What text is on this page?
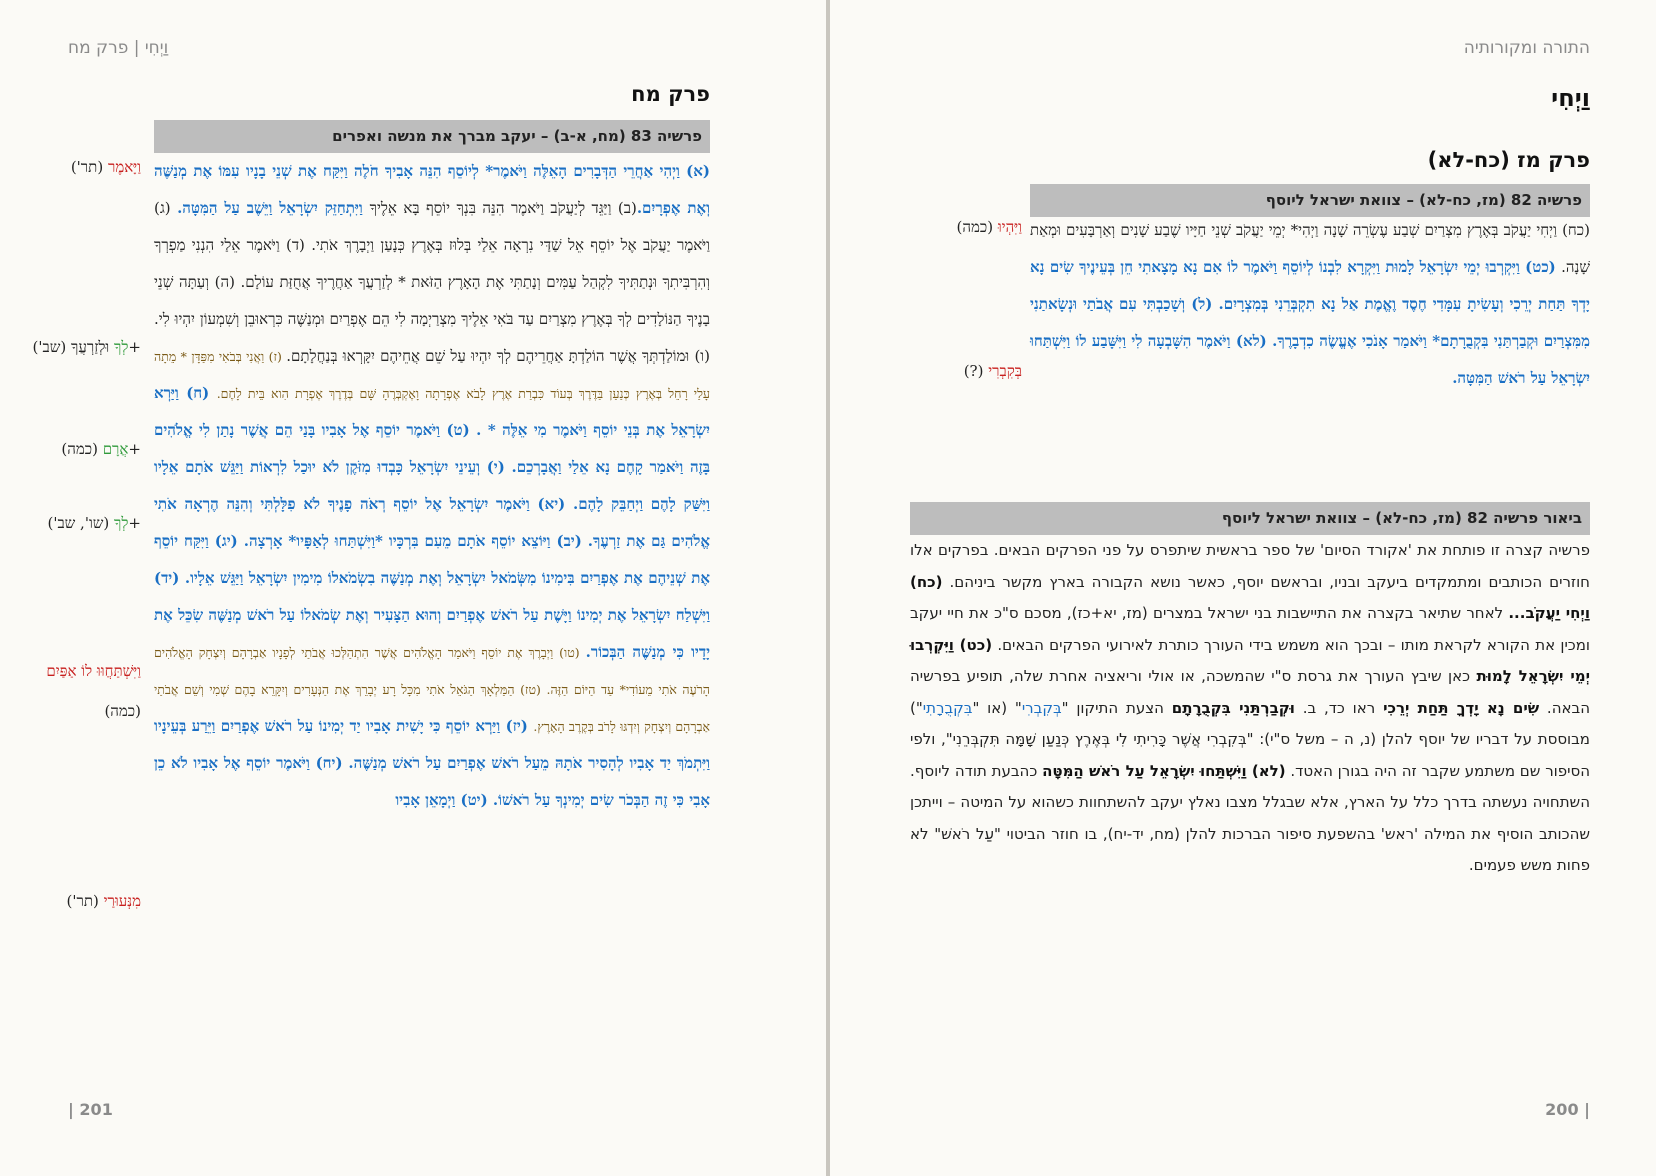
וַיְחִי | פרק מח
פרק מח
פרשיה 83 (מח, א-ב) – יעקב מברך את מנשה ואפרים
(א) וַיְהִי אַחֲרֵי הַדְּבָרִים הָאֵלֶּה וַיֹּאמֶר* לְיוֹסֵף הִנֵּה אָבִיךָ חֹלֶה וַיִּקַּח אֶת שְׁנֵי בָנָיו עִמּוֹ אֶת מְנַשֶּׁה וְאֶת אֶפְרָיִם.(ב) וַיַּגֵּד לְיַעֲקֹב וַיֹּאמֶר הִנֵּה בִּנְךָ יוֹסֵף בָּא אֵלֶיךָ וַיִּתְחַזֵּק יִשְׂרָאֵל וַיֵּשֶׁב עַל הַמִּטָּה. (ג) וַיֹּאמֶר יַעֲקֹב אֶל יוֹסֵף אֵל שַׁדַּי נִרְאָה אֵלַי בְּלוּז בְּאֶרֶץ כְּנָעַן וַיְבָרֶךְ אֹתִי. (ד) וַיֹּאמֶר אֵלַי הִנְנִי מַפְרְךָ וְהִרְבִּיתִךָ וּנְתַתִּיךָ לִקְהַל עַמִּים וְנָתַתִּי אֶת הָאָרֶץ הַזֹּאת * לְזַרְעֲךָ אַחֲרֶיךָ אֲחֻזַּת עוֹלָם. (ה) וְעַתָּה שְׁנֵי בָנֶיךָ הַנּוֹלָדִים לְךָ בְּאֶרֶץ מִצְרַיִם עַד בֹּאִי אֵלֶיךָ מִצְרַיְמָה לִי הֵם אֶפְרַיִם וּמְנַשֶּׁה כִּרְאוּבֵן וְשִׁמְעוֹן יִהְיוּ לִי. (ו) וּמוֹלַדְתְּךָ אֲשֶׁר הוֹלַדְתָּ אַחֲרֵיהֶם לְךָ יִהְיוּ עַל שֵׁם אֲחֵיהֶם יִקָּרְאוּ בְּנַחֲלָתָם. (ז) וַאֲנִי בְּבֹאִי מִפַּדָּן * מֵתָה עָלַי רָחֵל בְּאֶרֶץ כְּנַעַן בַּדֶּרֶךְ בְּעוֹד כִּבְרַת אֶרֶץ לָבֹא אֶפְרָתָה וָאֶקְבְּרֶהָ שָּׁם בְּדֶרֶךְ אֶפְרָת הִוא בֵּית לָחֶם. (ח) וַיַּרְא יִשְׂרָאֵל אֶת בְּנֵי יוֹסֵף וַיֹּאמֶר מִי אֵלֶּה * . (ט) וַיֹּאמֶר יוֹסֵף אֶל אָבִיו בָּנַי הֵם אֲשֶׁר נָתַן לִי אֱלֹהִים בָּזֶה וַיֹּאמַר קָחֶם נָא אֵלַי וַאֲבָרְכֵם. (י) וְעֵינֵי יִשְׂרָאֵל כָּבְדוּ מִזֹּקֶן לֹא יוּכַל לִרְאוֹת וַיַּגֵּשׁ אֹתָם אֵלָיו וַיִּשַּׁק לָהֶם וַיְחַבֵּק לָהֶם. (יא) וַיֹּאמֶר יִשְׂרָאֵל אֶל יוֹסֵף רְאֹה פָנֶיךָ לֹא פִלָּלְתִּי וְהִנֵּה הֶרְאָה אֹתִי אֱלֹהִים גַּם אֶת זַרְעֶךָ. (יב) וַיּוֹצֵא יוֹסֵף אֹתָם מֵעִם בִּרְכָּיו *וַיִּשְׁתַּחוּ לְאַפָּיו* אָרְצָה. (יג) וַיִּקַּח יוֹסֵף אֶת שְׁנֵיהֶם אֶת אֶפְרַיִם בִּימִינוֹ מִשְּׂמֹאל יִשְׂרָאֵל וְאֶת מְנַשֶּׁה בִשְׂמֹאלוֹ מִימִין יִשְׂרָאֵל וַיַּגֵּשׁ אֵלָיו. (יד) וַיִּשְׁלַח יִשְׂרָאֵל אֶת יְמִינוֹ וַיָּשֶׁת עַל רֹאשׁ אֶפְרַיִם וְהוּא הַצָּעִיר וְאֶת שְׂמֹאלוֹ עַל רֹאשׁ מְנַשֶּׁה שִׂכֵּל אֶת יָדָיו כִּי מְנַשֶּׁה הַבְּכוֹר. (טו) וַיְבָרֶךְ אֶת יוֹסֵף וַיֹּאמַר הָאֱלֹהִים אֲשֶׁר הִתְהַלְּכוּ אֲבֹתַי לְפָנָיו אַבְרָהָם וְיִצְחָק הָאֱלֹהִים הָרֹעֶה אֹתִי מֵעוֹדִי* עַד הַיּוֹם הַזֶּה. (טז) הַמַּלְאָךְ הַגֹּאֵל אֹתִי מִכָּל רָע יְבָרֵךְ אֶת הַנְּעָרִים וְיִקָּרֵא בָהֶם שְׁמִי וְשֵׁם אֲבֹתַי אַבְרָהָם וְיִצְחָק וְיִדְגּוּ לָרֹב בְּקֶרֶב הָאָרֶץ. (יז) וַיַּרְא יוֹסֵף כִּי יָשִׁית אָבִיו יַד יְמִינוֹ עַל רֹאשׁ אֶפְרַיִם וַיֵּרַע בְּעֵינָיו וַיִּתְמֹךְ יַד אָבִיו לְהָסִיר אֹתָהּ מֵעַל רֹאשׁ אֶפְרַיִם עַל רֹאשׁ מְנַשֶּׁה. (יח) וַיֹּאמֶר יוֹסֵף אֶל אָבִיו לֹא כֵן אָבִי כִּי זֶה הַבְּכֹר שִׂים יְמִינְךָ עַל רֹאשׁוֹ. (יט) וַיְמָאֵן אָבִיו
וַיָּאמֶר (תר')
+לְךָ וּלְזַרְעֲךָ (שב')
+אֲרָם (כמה)
+לְךָ (שו', שב')
וַיִּשְׁתַּחֲוּוּ לוֹ אַפַּיִם
(כמה)
מִנְּעוּרַי (תר')
201 |
התורה ומקורותיה
וַיְחִי
פרק מז (כח-לא)
פרשיה 82 (מז, כח-לא) – צוואת ישראל ליוסף
(כח) וַיְחִי יַעֲקֹב בְּאֶרֶץ מִצְרַיִם שְׁבַע עֶשְׂרֵה שָׁנָה וַיְהִי* יְמֵי יַעֲקֹב שְׁנֵי חַיָּיו שֶׁבַע שָׁנִים וְאַרְבָּעִים וּמְאַת שָׁנָה. (כט) וַיִּקְרְבוּ יְמֵי יִשְׂרָאֵל לָמוּת וַיִּקְרָא לִבְנוֹ לְיוֹסֵף וַיֹּאמֶר לוֹ אִם נָא מָצָאתִי חֵן בְּעֵינֶיךָ שִׂים נָא יָדְךָ תַּחַת יְרֵכִי וְעָשִׂיתָ עִמָּדִי חֶסֶד וֶאֱמֶת אַל נָא תִקְבְּרֵנִי בְּמִצְרָיִם. (ל) וְשָׁכַבְתִּי עִם אֲבֹתַי וּנְשָׂאתַנִי מִמִּצְרַיִם וּקְבַרְתַּנִי בִּקְבֻרָתָם* וַיֹּאמַר אָנֹכִי אֶעֱשֶׂה כִדְבָרֶךָ. (לא) וַיֹּאמֶר הִשָּׁבְעָה לִי וַיִּשָּׁבַע לוֹ וַיִּשְׁתַּחוּ יִשְׂרָאֵל עַל רֹאשׁ הַמִּטָּה.
וַיִּהְיוּ (כמה)
בְּקִבְרִי (?)
ביאור פרשיה 82 (מז, כח-לא) – צוואת ישראל ליוסף
פרשיה קצרה זו פותחת את 'אקורד הסיום' של ספר בראשית שיתפרס על פני הפרקים הבאים. בפרקים אלו חוזרים הכותבים ומתמקדים ביעקב ובניו, ובראשם יוסף, כאשר נושא הקבורה בארץ מקשר ביניהם. (כח) וַיְחִי יַעֲקֹב... לאחר שתיאר בקצרה את התיישבות בני ישראל במצרים (מז, יא+כז), מסכם ס"כ את חיי יעקב ומכין את הקורא לקראת מותו – ובכך הוא משמש בידי העורך כותרת לאירועי הפרקים הבאים. (כט) וַיִּקְרְבוּ יְמֵי יִשְׂרָאֵל לָמוּת כאן שיבץ העורך את גרסת ס"י שהמשכה, או אולי וריאציה אחרת שלה, תופיע בפרשיה הבאה. שִׂים נָא יָדְךָ תַּחַת יְרֵכִי ראו כד, ב. וּקְבַרְתַּנִי בִּקְבֻרָתָם הצעת התיקון "בְּקִבְרִי" (או "בִּקְבֻרָתִי") מבוססת על דבריו של יוסף להלן (נ, ה – משל ס"י): "בְּקִבְרִי אֲשֶׁר כָּרִיתִי לִי בְּאֶרֶץ כְּנַעַן שָׁמָּה תִּקְבְּרֵנִי", ולפי הסיפור שם משתמע שקבר זה היה בגורן האטד. (לא) וַיִּשְׁתַּחוּ יִשְׂרָאֵל עַל רֹאשׁ הַמִּטָּה כהבעת תודה ליוסף. השתחויה נעשתה בדרך כלל על הארץ, אלא שבגלל מצבו נאלץ יעקב להשתחוות כשהוא על המיטה – וייתכן שהכותב הוסיף את המילה 'ראש' בהשפעת סיפור הברכות להלן (מח, יד-יח), בו חוזר הביטוי "עַל רֹאשׁ" לא פחות משש פעמים.
| 200
